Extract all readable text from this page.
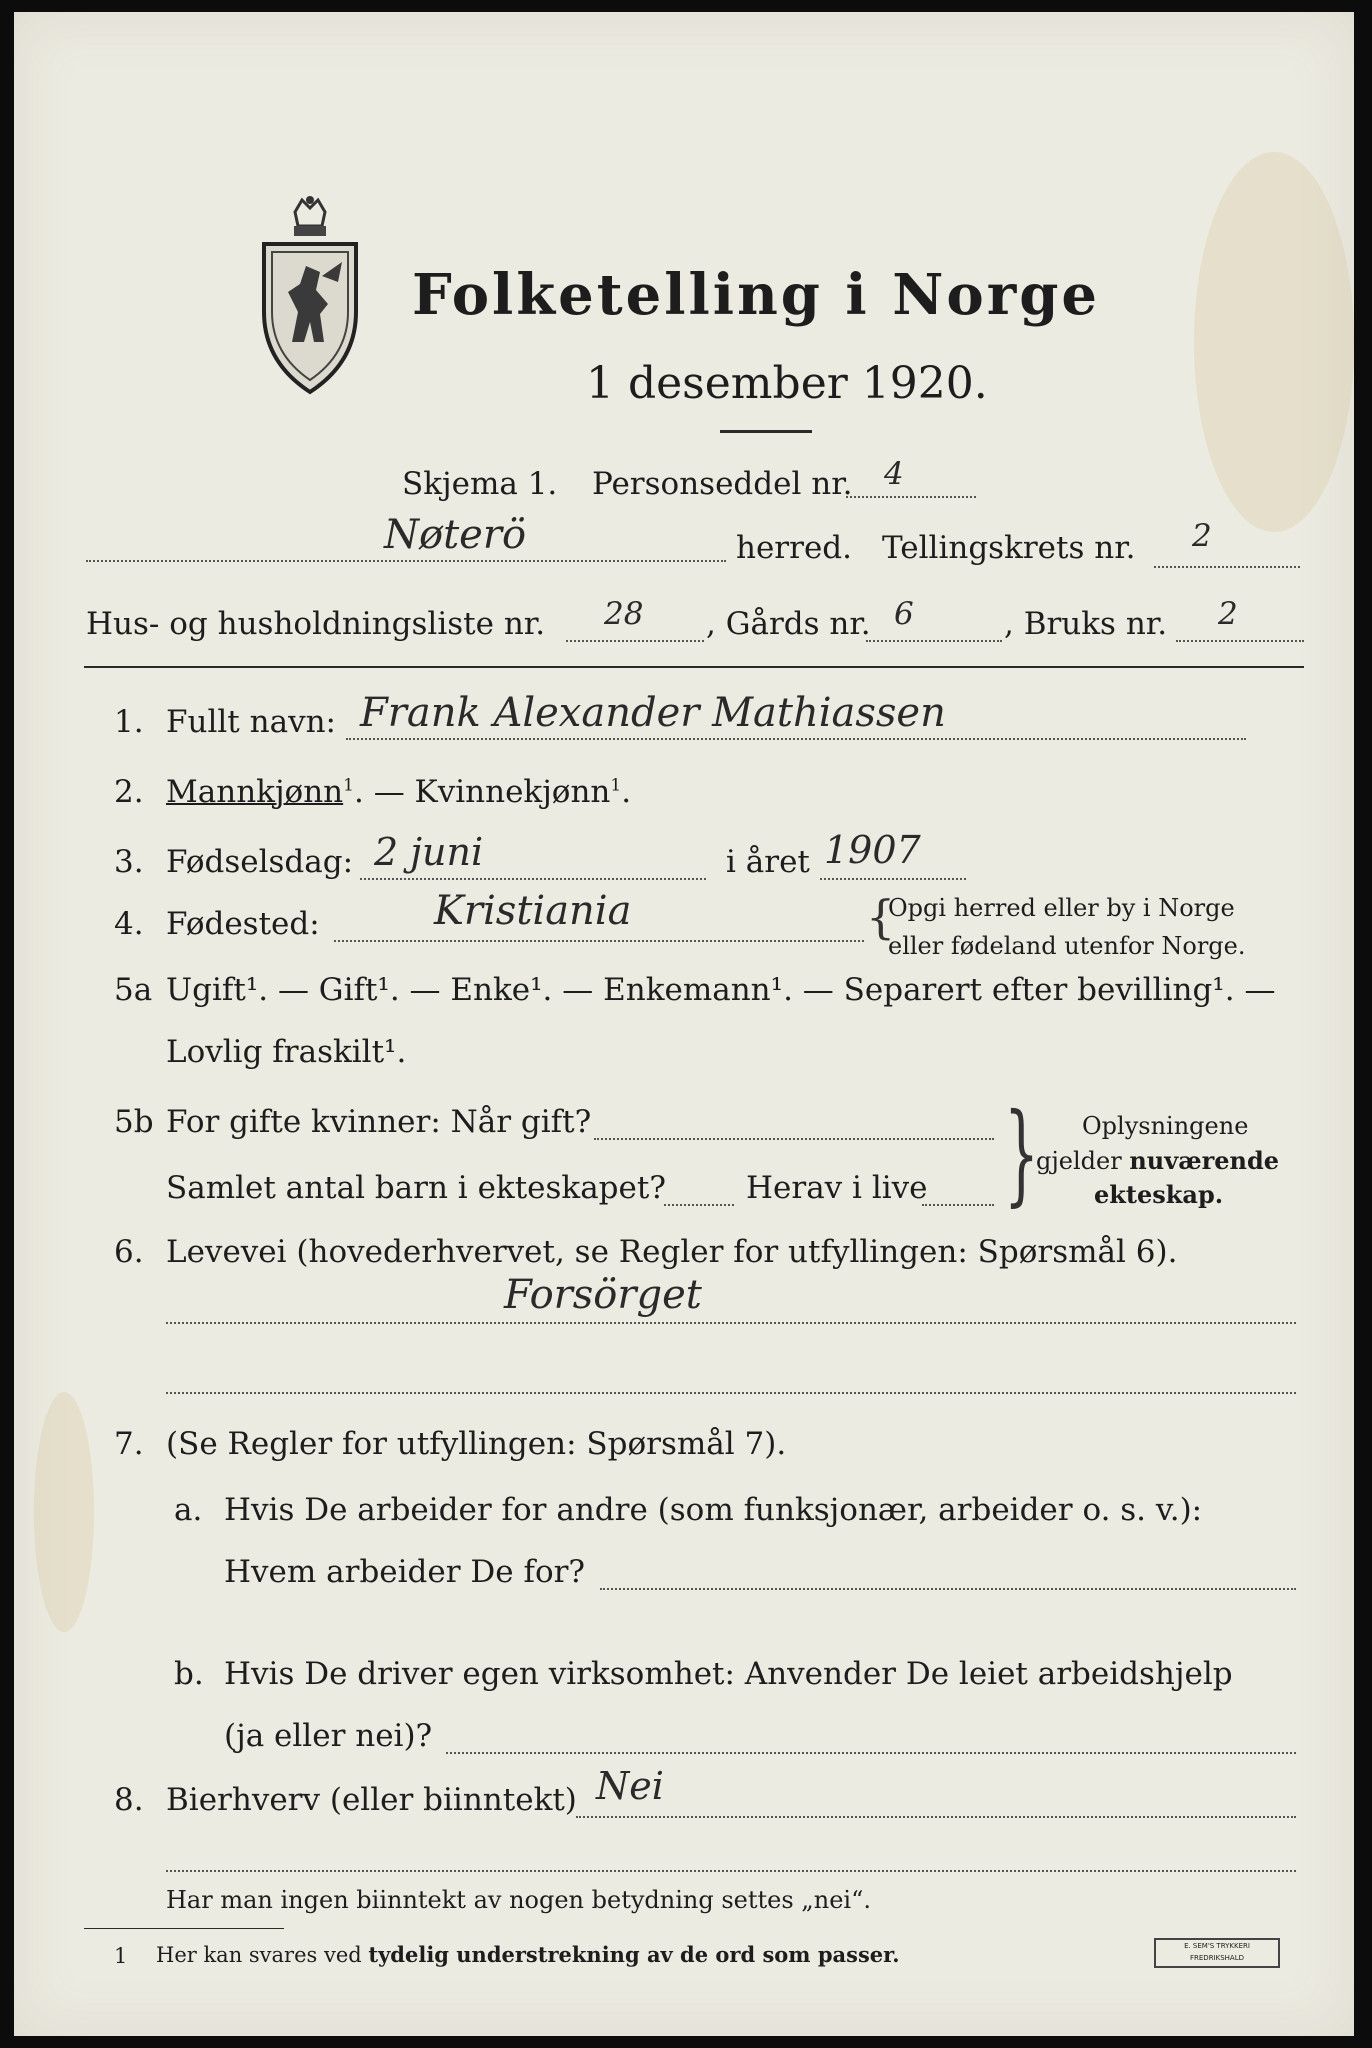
Folketelling i Norge
1 desember 1920.
Skjema 1. Personseddel nr. 4
Nøterö	herred. Tellingskrets nr. 2
Hus- og husholdningsliste nr. 28 , Gårds nr. 6	, Bruks nr. 2
1. Fullt navn: Frank Alexander Mathiassen
2. Mannkjønn$^1$. — Kvinnekjønn$^1$.
3. Fødselsdag: 2 juni	i året 1907
4. Fødested:	Kristiania	{
Opgi herred eller by i Norge
eller fødeland utenfor Norge.
5a Ugift¹. — Gift¹. — Enke¹. — Enkemann¹. — Separert efter bevilling¹. —
Lovlig fraskilt¹.
5b For gifte kvinner: Når gift?
Samlet antal barn i ekteskapet?	Herav i live } Oplysningene
gjelder nuværende
ekteskap.
6. Levevei (hovederhvervet, se Regler for utfyllingen: Spørsmål 6).
Forsörget
7. (Se Regler for utfyllingen: Spørsmål 7).
a. Hvis De arbeider for andre (som funksjonær, arbeider o. s. v.):
Hvem arbeider De for?
b. Hvis De driver egen virksomhet: Anvender De leiet arbeidshjelp
(ja eller nei)?
8. Bierhverv (eller biinntekt) Nei
Har man ingen biinntekt av nogen betydning settes „nei“.
1 Her kan svares ved tydelig understrekning av de ord som passer.	E. SEM'S TRYKKERI FREDRIKSHALD
